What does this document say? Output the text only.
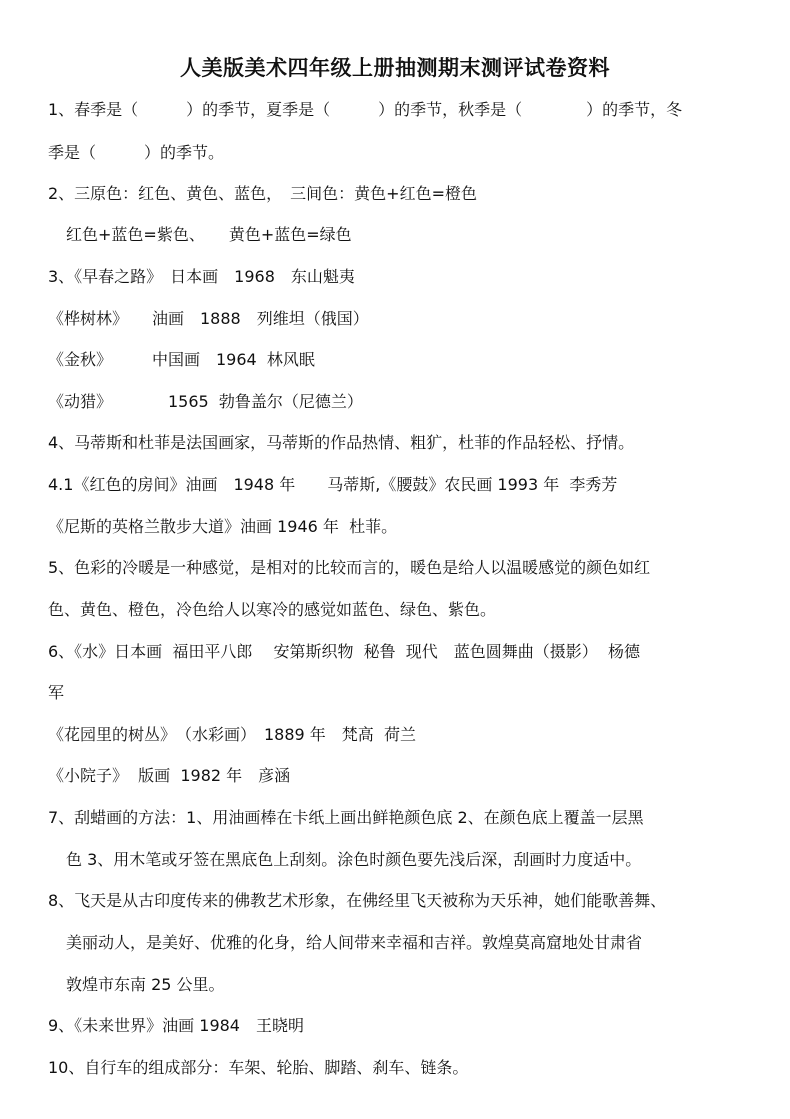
人美版美术四年级上册抽测期末测评试卷资料
1、春季是（　　　）的季节，夏季是（　　　）的季节，秋季是（　　　　）的季节，冬
季是（　　　）的季节。
2、三原色：红色、黄色、蓝色，　三间色：黄色+红色=橙色
红色+蓝色=紫色、　　黄色+蓝色=绿色
3、《早春之路》　日本画　1968　东山魁夷
《桦树林》　　油画　1888　列维坦（俄国）
《金秋》　　　中国画　1964  林风眠
《动猎》　　　　1565  勃鲁盖尔（尼德兰）
4、马蒂斯和杜菲是法国画家，马蒂斯的作品热情、粗犷，杜菲的作品轻松、抒情。
4.1《红色的房间》油画　1948 年　　马蒂斯,《腰鼓》农民画 1993 年  李秀芳
《尼斯的英格兰散步大道》油画 1946 年  杜菲。
5、色彩的冷暖是一种感觉，是相对的比较而言的，暖色是给人以温暖感觉的颜色如红
色、黄色、橙色，冷色给人以寒冷的感觉如蓝色、绿色、紫色。
6、《水》日本画  福田平八郎　 安第斯织物  秘鲁  现代　蓝色圆舞曲（摄影）  杨德
军
《花园里的树丛》　（水彩画）　1889 年　梵高  荷兰
《小院子》  版画  1982 年　彦涵
7、刮蜡画的方法：1、用油画棒在卡纸上画出鲜艳颜色底 2、在颜色底上覆盖一层黑
色 3、用木笔或牙签在黑底色上刮刻。涂色时颜色要先浅后深，刮画时力度适中。
8、飞天是从古印度传来的佛教艺术形象，在佛经里飞天被称为天乐神，她们能歌善舞、
美丽动人，是美好、优雅的化身，给人间带来幸福和吉祥。敦煌莫高窟地处甘肃省
敦煌市东南 25 公里。
9、《未来世界》油画 1984　王晓明
10、自行车的组成部分：车架、轮胎、脚踏、刹车、链条。
